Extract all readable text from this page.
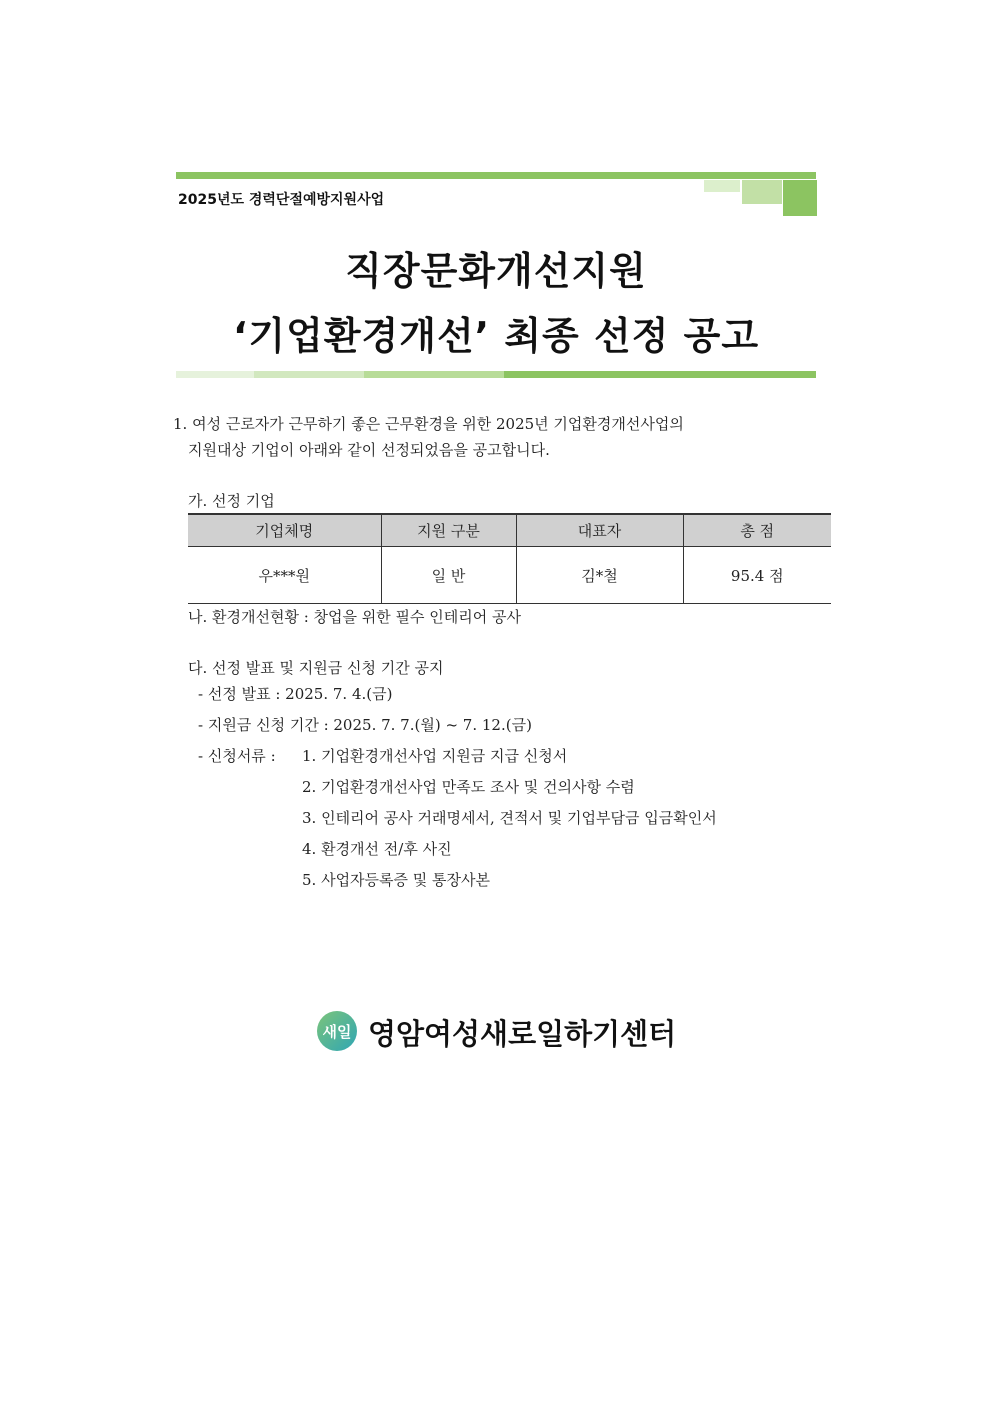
2025년도 경력단절예방지원사업
직장문화개선지원
‘기업환경개선’ 최종 선정 공고
1. 여성 근로자가 근무하기 좋은 근무환경을 위한 2025년 기업환경개선사업의
지원대상 기업이 아래와 같이 선정되었음을 공고합니다.
가. 선정 기업
기업체명	지원 구분	대표자	총 점
우***원	일 반	김*철	95.4 점
나. 환경개선현황 : 창업을 위한 필수 인테리어 공사
다. 선정 발표 및 지원금 신청 기간 공지
- 선정 발표 : 2025. 7. 4.(금)
- 지원금 신청 기간 : 2025. 7. 7.(월) ~ 7. 12.(금)
- 신청서류 : 1. 기업환경개선사업 지원금 지급 신청서
2. 기업환경개선사업 만족도 조사 및 건의사항 수렴
3. 인테리어 공사 거래명세서, 견적서 및 기업부담금 입금확인서
4. 환경개선 전/후 사진
5. 사업자등록증 및 통장사본
새일 영암여성새로일하기센터
